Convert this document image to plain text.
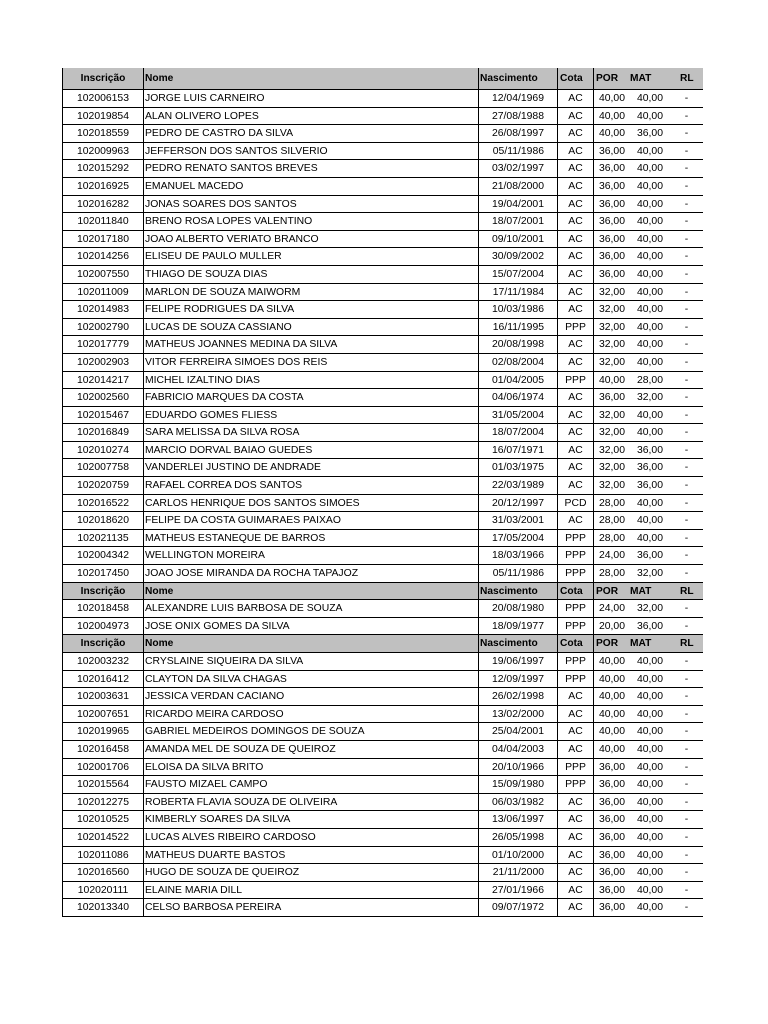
Inscrição	Nome	Nascimento	Cota	POR	MAT	RL
102006153	JORGE LUIS CARNEIRO	12/04/1969	AC	40,00	40,00	-
102019854	ALAN OLIVERO LOPES	27/08/1988	AC	40,00	40,00	-
102018559	PEDRO DE CASTRO DA SILVA	26/08/1997	AC	40,00	36,00	-
102009963	JEFFERSON DOS SANTOS SILVERIO	05/11/1986	AC	36,00	40,00	-
102015292	PEDRO RENATO SANTOS BREVES	03/02/1997	AC	36,00	40,00	-
102016925	EMANUEL MACEDO	21/08/2000	AC	36,00	40,00	-
102016282	JONAS SOARES DOS SANTOS	19/04/2001	AC	36,00	40,00	-
102011840	BRENO ROSA LOPES VALENTINO	18/07/2001	AC	36,00	40,00	-
102017180	JOAO ALBERTO VERIATO BRANCO	09/10/2001	AC	36,00	40,00	-
102014256	ELISEU DE PAULO MULLER	30/09/2002	AC	36,00	40,00	-
102007550	THIAGO DE SOUZA DIAS	15/07/2004	AC	36,00	40,00	-
102011009	MARLON DE SOUZA MAIWORM	17/11/1984	AC	32,00	40,00	-
102014983	FELIPE RODRIGUES DA SILVA	10/03/1986	AC	32,00	40,00	-
102002790	LUCAS DE SOUZA CASSIANO	16/11/1995	PPP	32,00	40,00	-
102017779	MATHEUS JOANNES MEDINA DA SILVA	20/08/1998	AC	32,00	40,00	-
102002903	VITOR FERREIRA SIMOES DOS REIS	02/08/2004	AC	32,00	40,00	-
102014217	MICHEL IZALTINO DIAS	01/04/2005	PPP	40,00	28,00	-
102002560	FABRICIO MARQUES DA COSTA	04/06/1974	AC	36,00	32,00	-
102015467	EDUARDO GOMES FLIESS	31/05/2004	AC	32,00	40,00	-
102016849	SARA MELISSA DA SILVA ROSA	18/07/2004	AC	32,00	40,00	-
102010274	MARCIO DORVAL BAIAO GUEDES	16/07/1971	AC	32,00	36,00	-
102007758	VANDERLEI JUSTINO DE ANDRADE	01/03/1975	AC	32,00	36,00	-
102020759	RAFAEL CORREA DOS SANTOS	22/03/1989	AC	32,00	36,00	-
102016522	CARLOS HENRIQUE DOS SANTOS SIMOES	20/12/1997	PCD	28,00	40,00	-
102018620	FELIPE DA COSTA GUIMARAES PAIXAO	31/03/2001	AC	28,00	40,00	-
102021135	MATHEUS ESTANEQUE DE BARROS	17/05/2004	PPP	28,00	40,00	-
102004342	WELLINGTON MOREIRA	18/03/1966	PPP	24,00	36,00	-
102017450	JOAO JOSE MIRANDA DA ROCHA TAPAJOZ	05/11/1986	PPP	28,00	32,00	-
Inscrição	Nome	Nascimento	Cota	POR	MAT	RL
102018458	ALEXANDRE LUIS BARBOSA DE SOUZA	20/08/1980	PPP	24,00	32,00	-
102004973	JOSE ONIX GOMES DA SILVA	18/09/1977	PPP	20,00	36,00	-
Inscrição	Nome	Nascimento	Cota	POR	MAT	RL
102003232	CRYSLAINE SIQUEIRA DA SILVA	19/06/1997	PPP	40,00	40,00	-
102016412	CLAYTON DA SILVA CHAGAS	12/09/1997	PPP	40,00	40,00	-
102003631	JESSICA VERDAN CACIANO	26/02/1998	AC	40,00	40,00	-
102007651	RICARDO MEIRA CARDOSO	13/02/2000	AC	40,00	40,00	-
102019965	GABRIEL MEDEIROS DOMINGOS DE SOUZA	25/04/2001	AC	40,00	40,00	-
102016458	AMANDA MEL DE SOUZA DE QUEIROZ	04/04/2003	AC	40,00	40,00	-
102001706	ELOISA DA SILVA BRITO	20/10/1966	PPP	36,00	40,00	-
102015564	FAUSTO MIZAEL CAMPO	15/09/1980	PPP	36,00	40,00	-
102012275	ROBERTA FLAVIA SOUZA DE OLIVEIRA	06/03/1982	AC	36,00	40,00	-
102010525	KIMBERLY SOARES DA SILVA	13/06/1997	AC	36,00	40,00	-
102014522	LUCAS ALVES RIBEIRO CARDOSO	26/05/1998	AC	36,00	40,00	-
102011086	MATHEUS DUARTE BASTOS	01/10/2000	AC	36,00	40,00	-
102016560	HUGO DE SOUZA DE QUEIROZ	21/11/2000	AC	36,00	40,00	-
102020111	ELAINE MARIA DILL	27/01/1966	AC	36,00	40,00	-
102013340	CELSO BARBOSA PEREIRA	09/07/1972	AC	36,00	40,00	-
